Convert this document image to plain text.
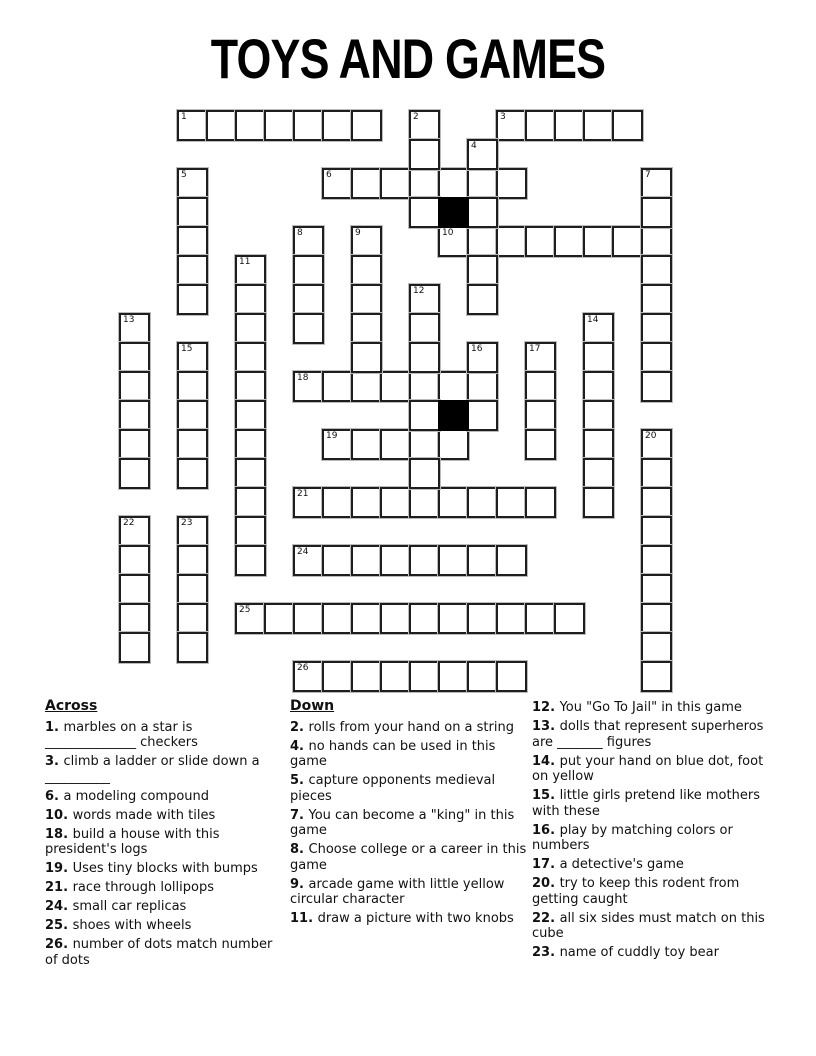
TOYS AND GAMES
1	3
6
10
18
19
21
24
25
26
2
4
5	7
8	9
11
12
13	14
15	16	17
20
22	23
Across
1. marbles on a star is ______________ checkers
3. climb a ladder or slide down a __________
6. a modeling compound
10. words made with tiles
18. build a house with this president's logs
19. Uses tiny blocks with bumps
21. race through lollipops
24. small car replicas
25. shoes with wheels
26. number of dots match number of dots
Down
2. rolls from your hand on a string
4. no hands can be used in this game
5. capture opponents medieval pieces
7. You can become a "king" in this game
8. Choose college or a career in this game
9. arcade game with little yellow circular character
11. draw a picture with two knobs
12. You "Go To Jail" in this game
13. dolls that represent superheros are _______ figures
14. put your hand on blue dot, foot on yellow
15. little girls pretend like mothers with these
16. play by matching colors or numbers
17. a detective's game
20. try to keep this rodent from getting caught
22. all six sides must match on this cube
23. name of cuddly toy bear
